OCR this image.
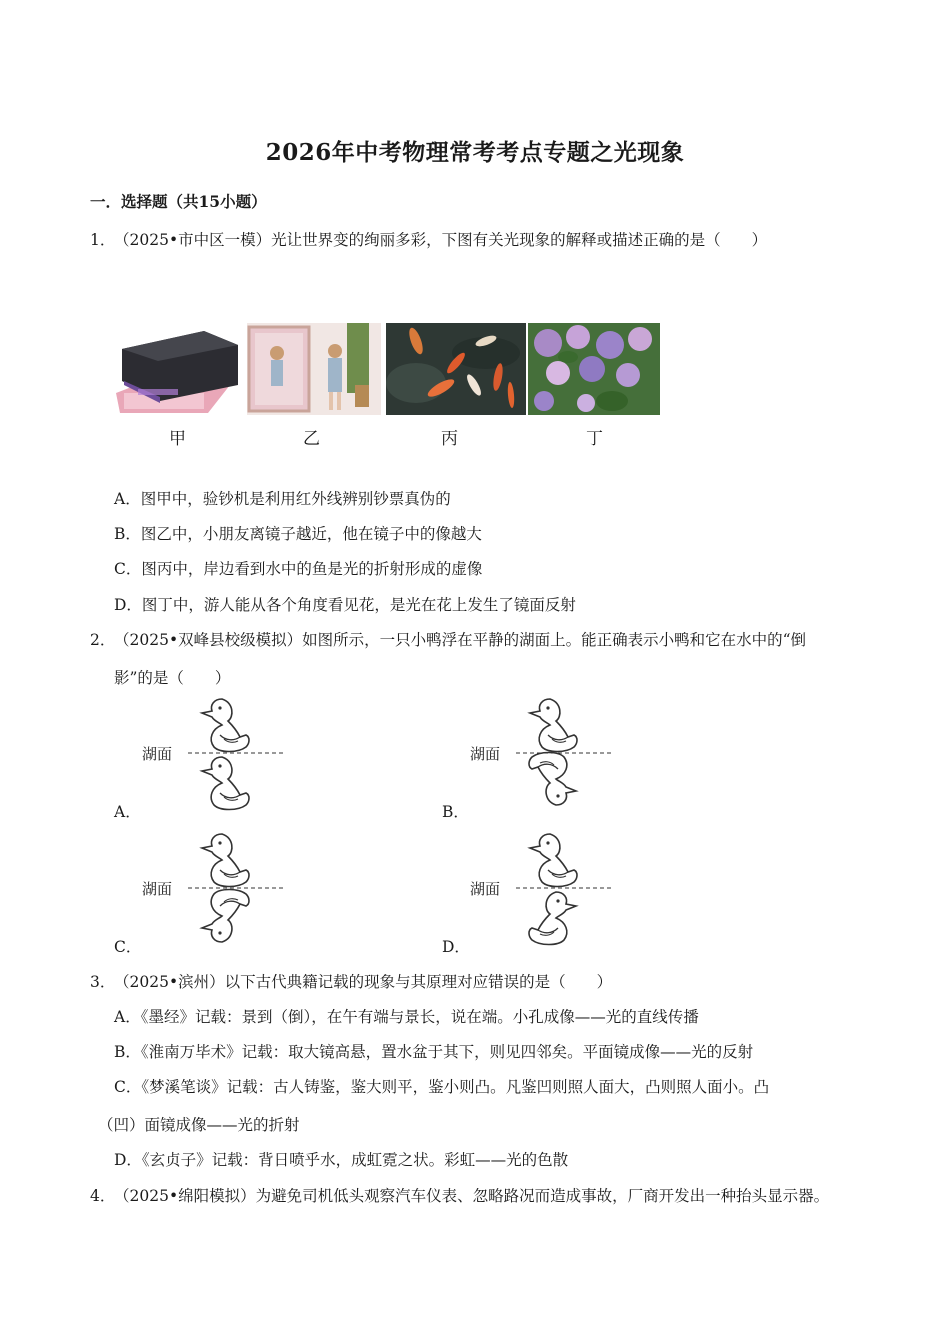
2026年中考物理常考考点专题之光现象
一．选择题（共15小题）
1．（2025•市中区一模）光让世界变的绚丽多彩，下图有关光现象的解释或描述正确的是（　　）
甲	乙	丙	丁
A．图甲中，验钞机是利用红外线辨别钞票真伪的
B．图乙中，小朋友离镜子越近，他在镜子中的像越大
C．图丙中，岸边看到水中的鱼是光的折射形成的虚像
D．图丁中，游人能从各个角度看见花，是光在花上发生了镜面反射
2．（2025•双峰县校级模拟）如图所示，一只小鸭浮在平静的湖面上。能正确表示小鸭和它在水中的“倒
影”的是（　　）
湖面
A．
湖面
B．
湖面
C．
湖面
D．
3．（2025•滨州）以下古代典籍记载的现象与其原理对应错误的是（　　）
A．《墨经》记载：景到（倒），在午有端与景长，说在端。小孔成像——光的直线传播
B．《淮南万毕术》记载：取大镜高悬，置水盆于其下，则见四邻矣。平面镜成像——光的反射
C．《梦溪笔谈》记载：古人铸鉴，鉴大则平，鉴小则凸。凡鉴凹则照人面大，凸则照人面小。凸
（凹）面镜成像——光的折射
D．《玄贞子》记载：背日喷乎水，成虹霓之状。彩虹——光的色散
4．（2025•绵阳模拟）为避免司机低头观察汽车仪表、忽略路况而造成事故，厂商开发出一种抬头显示器。
